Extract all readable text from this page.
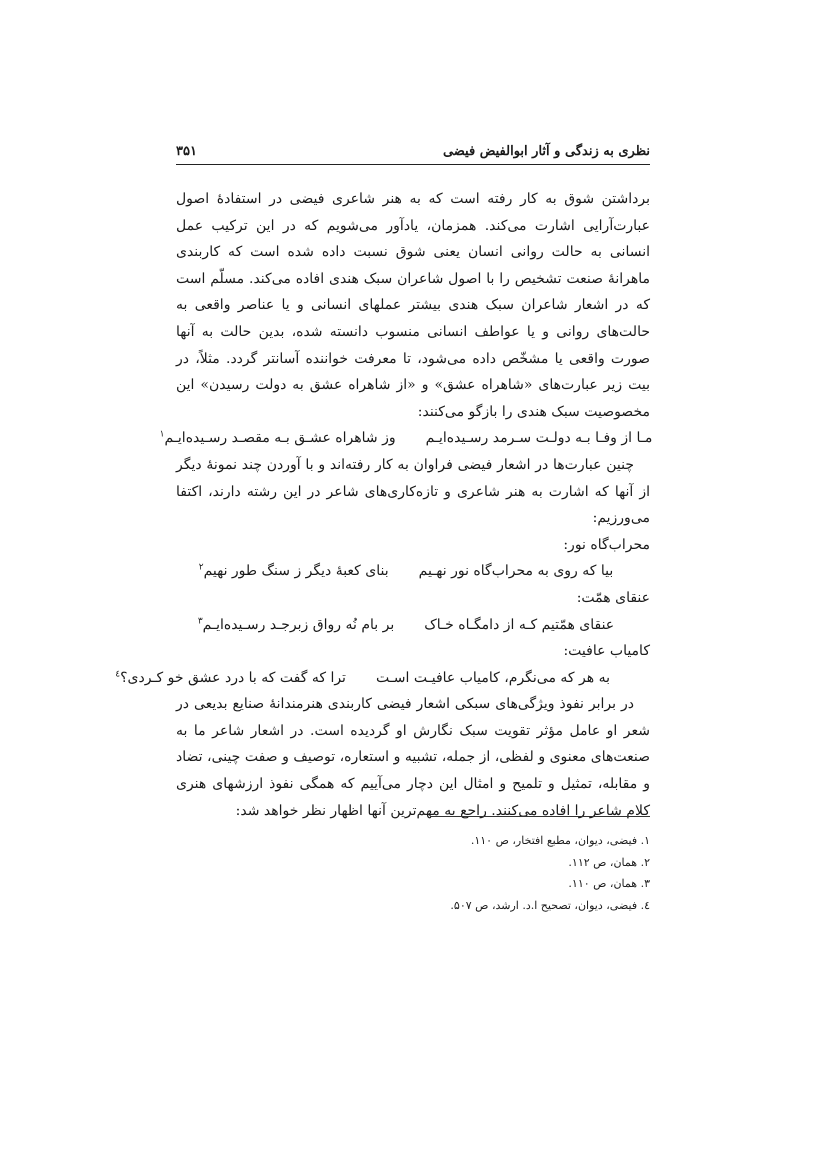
نظری به زندگی و آثار ابوالفیض فیضی
۳۵۱

برداشتن شوق به کار رفته است که به هنر شاعری فیضی در استفادهٔ اصول عبارت‌آرایی اشارت می‌کند. همزمان، یادآور می‌شویم که در این ترکیب عمل انسانی به حالت روانی انسان یعنی شوق نسبت داده شده است که کاربندی ماهرانهٔ صنعت تشخیص را با اصول شاعران سبک هندی افاده می‌کند. مسلّم است که در اشعار شاعران سبک هندی بیشتر عملهای انسانی و یا عناصر واقعی به حالت‌های روانی و یا عواطف انسانی منسوب دانسته شده، بدین حالت به آنها صورت واقعی یا مشخّص داده می‌شود، تا معرفت خواننده آسانتر گردد. مثلاً، در بیت زیر عبارت‌های «شاهراه عشق» و «از شاهراه عشق به دولت رسیدن» این مخصوصیت سبک هندی را بازگو می‌کنند:

مـا از وفـا بـه دولـت سـرمد رسـیده‌ایـم
وز شاهراه عشـق بـه مقصـد رسـیده‌ایـم$^۱$

چنین عبارت‌ها در اشعار فیضی فراوان به کار رفته‌اند و با آوردن چند نمونهٔ دیگر از آنها که اشارت به هنر شاعری و تازه‌کاری‌های شاعر در این رشته دارند، اکتفا می‌ورزیم:

محراب‌گاه نور:

بیا که روی به محراب‌گاه نور نهـیم
بنای کعبهٔ دیگر ز سنگ طور نهیم$^۲$

عنقای همّت:

عنقای همّتیم کـه از دامگـاه خـاک
بر بام نُه رواق زبرجـد رسـیده‌ایـم$^۳$

کامیاب عافیت:

به هر که می‌نگرم، کامیاب عافیـت اسـت
ترا که گفت که با درد عشق خو کـردی؟$^٤$

در برابر نفوذ ویژگی‌های سبکی اشعار فیضی کاربندی هنرمندانهٔ صنایع بدیعی در شعر او عامل مؤثر تقویت سبک نگارش او گردیده است. در اشعار شاعر ما به صنعت‌های معنوی و لفظی، از جمله، تشبیه و استعاره، توصیف و صفت چینی، تضاد و مقابله، تمثیل و تلمیح و امثال این دچار می‌آییم که همگی نفوذ ارزشهای هنری کلام شاعر را افاده می‌کنند. راجع به مهم‌ترین آنها اظهار نظر خواهد شد:

۱. فیضی، دیوان، مطبع افتخار، ص ۱۱۰.
۲. همان، ص ۱۱۲.
۳. همان، ص ۱۱۰.
٤. فیضی، دیوان، تصحیح ا.د. ارشد، ص ۵۰۷.
